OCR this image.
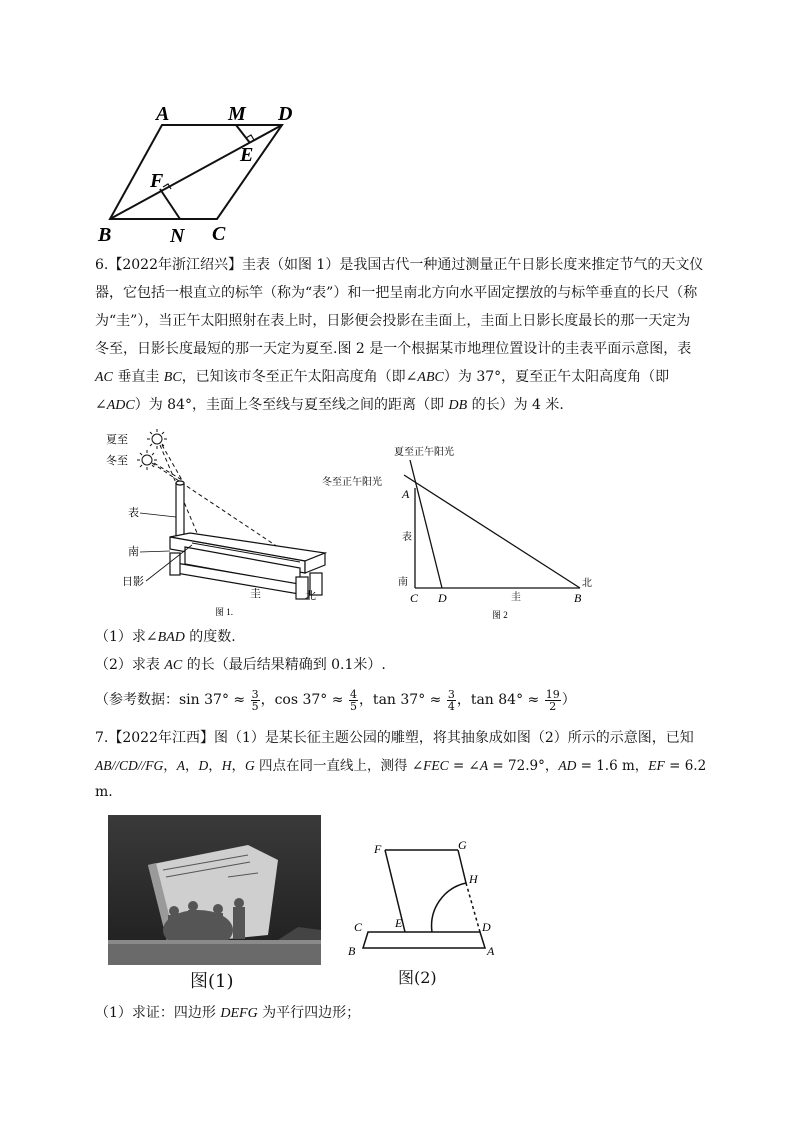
A	M D
E
F
B	N C
6.【2022年浙江绍兴】圭表（如图 1）是我国古代一种通过测量正午日影长度来推定节气的天文仪
器，它包括一根直立的标竿（称为“表”）和一把呈南北方向水平固定摆放的与标竿垂直的长尺（称
为“圭”），当正午太阳照射在表上时，日影便会投影在圭面上，圭面上日影长度最长的那一天定为
冬至，日影长度最短的那一天定为夏至.图 2 是一个根据某市地理位置设计的圭表平面示意图，表
AC 垂直圭 BC，已知该市冬至正午太阳高度角（即∠ABC）为 37°，夏至正午太阳高度角（即
∠ADC）为 84°，圭面上冬至线与夏至线之间的距离（即 DB 的长）为 4 米.
夏至
冬至
表
南
日影
圭	北
图 1.
夏至正午阳光
冬至正午阳光
A
表
南
C D	圭	B
北
图 2
（1）求∠BAD 的度数.
（2）求表 AC 的长（最后结果精确到 0.1米）.
（参考数据：$\sin 37^\circ \approx \frac{3}{5}$ ，$\cos 37^\circ \approx \frac{4}{5}$ ，$\tan 37^\circ \approx \frac{3}{4}$ ，$\tan 84^\circ \approx \frac{19}{2}$ ）
7.【2022年江西】图（1）是某长征主题公园的雕塑，将其抽象成如图（2）所示的示意图，已知
AB//CD//FG，A，D，H，G 四点在同一直线上，测得 ∠FEC = ∠A = 72.9°，AD = 1.6 m，EF = 6.2
m.
图(1)
F	G
H
C	E	D
B	A
图(2)
（1）求证：四边形 DEFG 为平行四边形；
